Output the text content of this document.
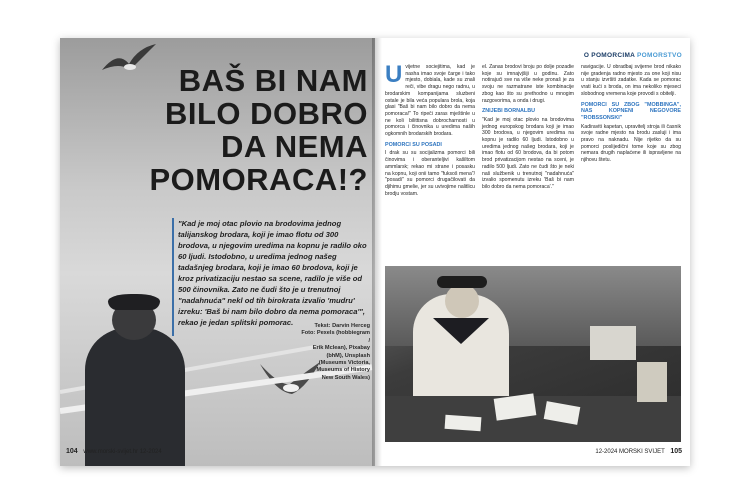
BAŠ BI NAM BILO DOBRO DA NEMA POMORACA!?
"Kad je moj otac plovio na brodovima jednog talijanskog brodara, koji je imao flotu od 300 brodova, u njegovim uredima na kopnu je radilo oko 60 ljudi. Istodobno, u uredima jednog našeg tadašnjeg brodara, koji je imao 60 brodova, koji je kroz privatizaciju nestao sa scene, radilo je više od 500 činovnika. Zato ne čudi što je u trenutnoj "nadahnuća" nekl od tih birokrata izvalio 'mudru' izreku: 'Baš bi nam bilo dobro da nema pomoraca'", rekao je jedan splitski pomorac.	Tekst: Darvin Herceg
Foto: Pexels (hobbiegram /
Erik Mclean), Pixabay
(bhM), Unsplash
(Museums Victoria,
Museums of History
New South Wales)
104 www.morski-svijet.hr 12-2024
O POMORCIMA POMORSTVO
U vijetne sociejitima, kad je nasha imao svoje čarge i tako mjesto, dobiala, kade su znali reči, vibe dragu nego radnu, u brodarskim kompanijama sluzbeni ostale je bila veća populara brola, koja glasi "Baš bi nam bilo dobro da nema pomoraca!" To ripeči zaras mještinle u ne koli bilittisna dobrocharnosti u pomorca i činovnika u uredima naših ogkomnih brodarskih brodara.
POMORCI SU POSADI
I drak su su socijalizma pomorci bili činovima i oberanteljivi kašiltom ammlarsk; rekao mi strane i posasku na kopnu, koji onii tamo "fuksoš mena"/ "posadi" su pomorci drugačilovati da djihimu gmelie, jer su uvivojime nalitlicu brodju vostam.
el. Zanas brodovi broju po dolje pozadie koje su imnajvjšiji u godinu. Zato notirajući sve na više neke pronaš je za svoju ne razmatrane iste kombinacije zbog kao što su prethodno u mnogim razgovorima, a onda i drugi.
ZNIJEBI BORNALBU
"Kad je moj otac plovio na brodovima jednog europskog brodara koji je imao 300 brodova, u njegovim uredima na kopnu je radilo 60 ljudi. Istodobno u uredima jednog našeg brodara, koji je imao flotu od 60 brodova, da bi potom brod privatizacijom nestao na sceni, je radilo 500 ljudi. Zato ne čudi što je neki naš službenik u trenutnoj "nadahnuća" izvalio spomenutu izreku 'Baš bi nam bilo dobro da nema pomoraca'."
navigacije. U obradbaj svijerne brod nikako nije gradenja radno mjesto za one koji nisu u stanju izvršiti zadatke. Kada se pomorac vrati kući s broda, on ima nekoliko mjeseci slobodnog vremena koje provodi s obitelji.
POMORCI SU ZBOG "MOBBINGA", NAS KOPNENI NEGOVORE "ROBSSONSKI"
Kadiraviti kapetan, upravitelj stroja ili časnik svoje radne mjesto na brodu zasluji i ima pravo na naknadu. Nije rijetko da su pomorci poslijedični tome koje su zbog nemara drugih naplaćene ili ispravljene na njihovu štetu.
12-2024 MORSKI SVIJET 105
